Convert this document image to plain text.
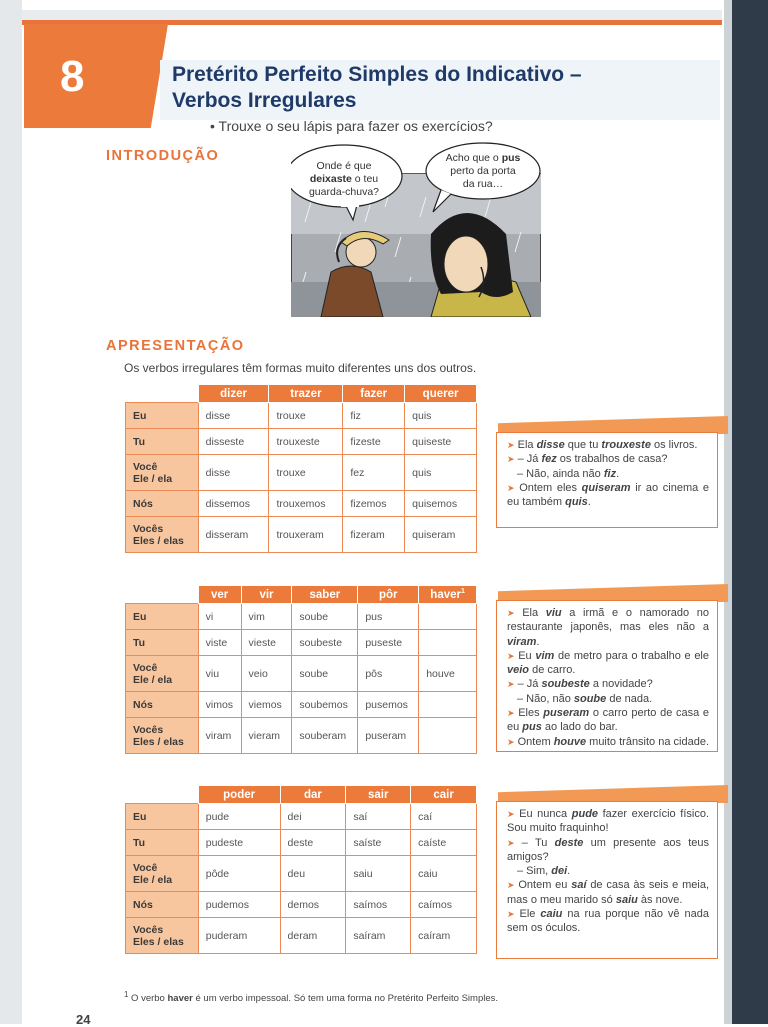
8	Pretérito Perfeito Simples do Indicativo –
Verbos Irregulares
• Trouxe o seu lápis para fazer os exercícios?
INTRODUÇÃO
Onde é que
deixaste o teu
guarda-chuva?
Acho que o pus
perto da porta
da rua…
APRESENTAÇÃO
Os verbos irregulares têm formas muito diferentes uns dos outros.
	dizer	trazer	fazer	querer
Eu	disse	trouxe	fiz	quis
Tu	disseste	trouxeste	fizeste	quiseste
Você
Ele / ela	disse	trouxe	fez	quis
Nós	dissemos	trouxemos	fizemos	quisemos
Vocês
Eles / elas	disseram	trouxeram	fizeram	quiseram

➤ Ela disse que tu trouxeste os livros.

➤ – Já fez os trabalhos de casa?

– Não, ainda não fiz.

➤ Ontem eles quiseram ir ao cinema e eu também quis.

	ver	vir	saber	pôr	haver$^1$
Eu	vi	vim	soube	pus	
Tu	viste	vieste	soubeste	puseste	
Você
Ele / ela	viu	veio	soube	pôs	houve
Nós	vimos	viemos	soubemos	pusemos	
Vocês
Eles / elas	viram	vieram	souberam	puseram	

➤ Ela viu a irmã e o namorado no restaurante japonês, mas eles não a viram.

➤ Eu vim de metro para o trabalho e ele veio de carro.

➤ – Já soubeste a novidade?

– Não, não soube de nada.

➤ Eles puseram o carro perto de casa e eu pus ao lado do bar.

➤ Ontem houve muito trânsito na cidade.

	poder	dar	sair	cair
Eu	pude	dei	saí	caí
Tu	pudeste	deste	saíste	caíste
Você
Ele / ela	pôde	deu	saiu	caiu
Nós	pudemos	demos	saímos	caímos
Vocês
Eles / elas	puderam	deram	saíram	caíram

➤ Eu nunca pude fazer exercício físico. Sou muito fraquinho!

➤ – Tu deste um presente aos teus amigos?

– Sim, dei.

➤ Ontem eu saí de casa às seis e meia, mas o meu marido só saiu às nove.

➤ Ele caiu na rua porque não vê nada sem os óculos.

$^1$ O verbo haver é um verbo impessoal. Só tem uma forma no Pretérito Perfeito Simples.
24
